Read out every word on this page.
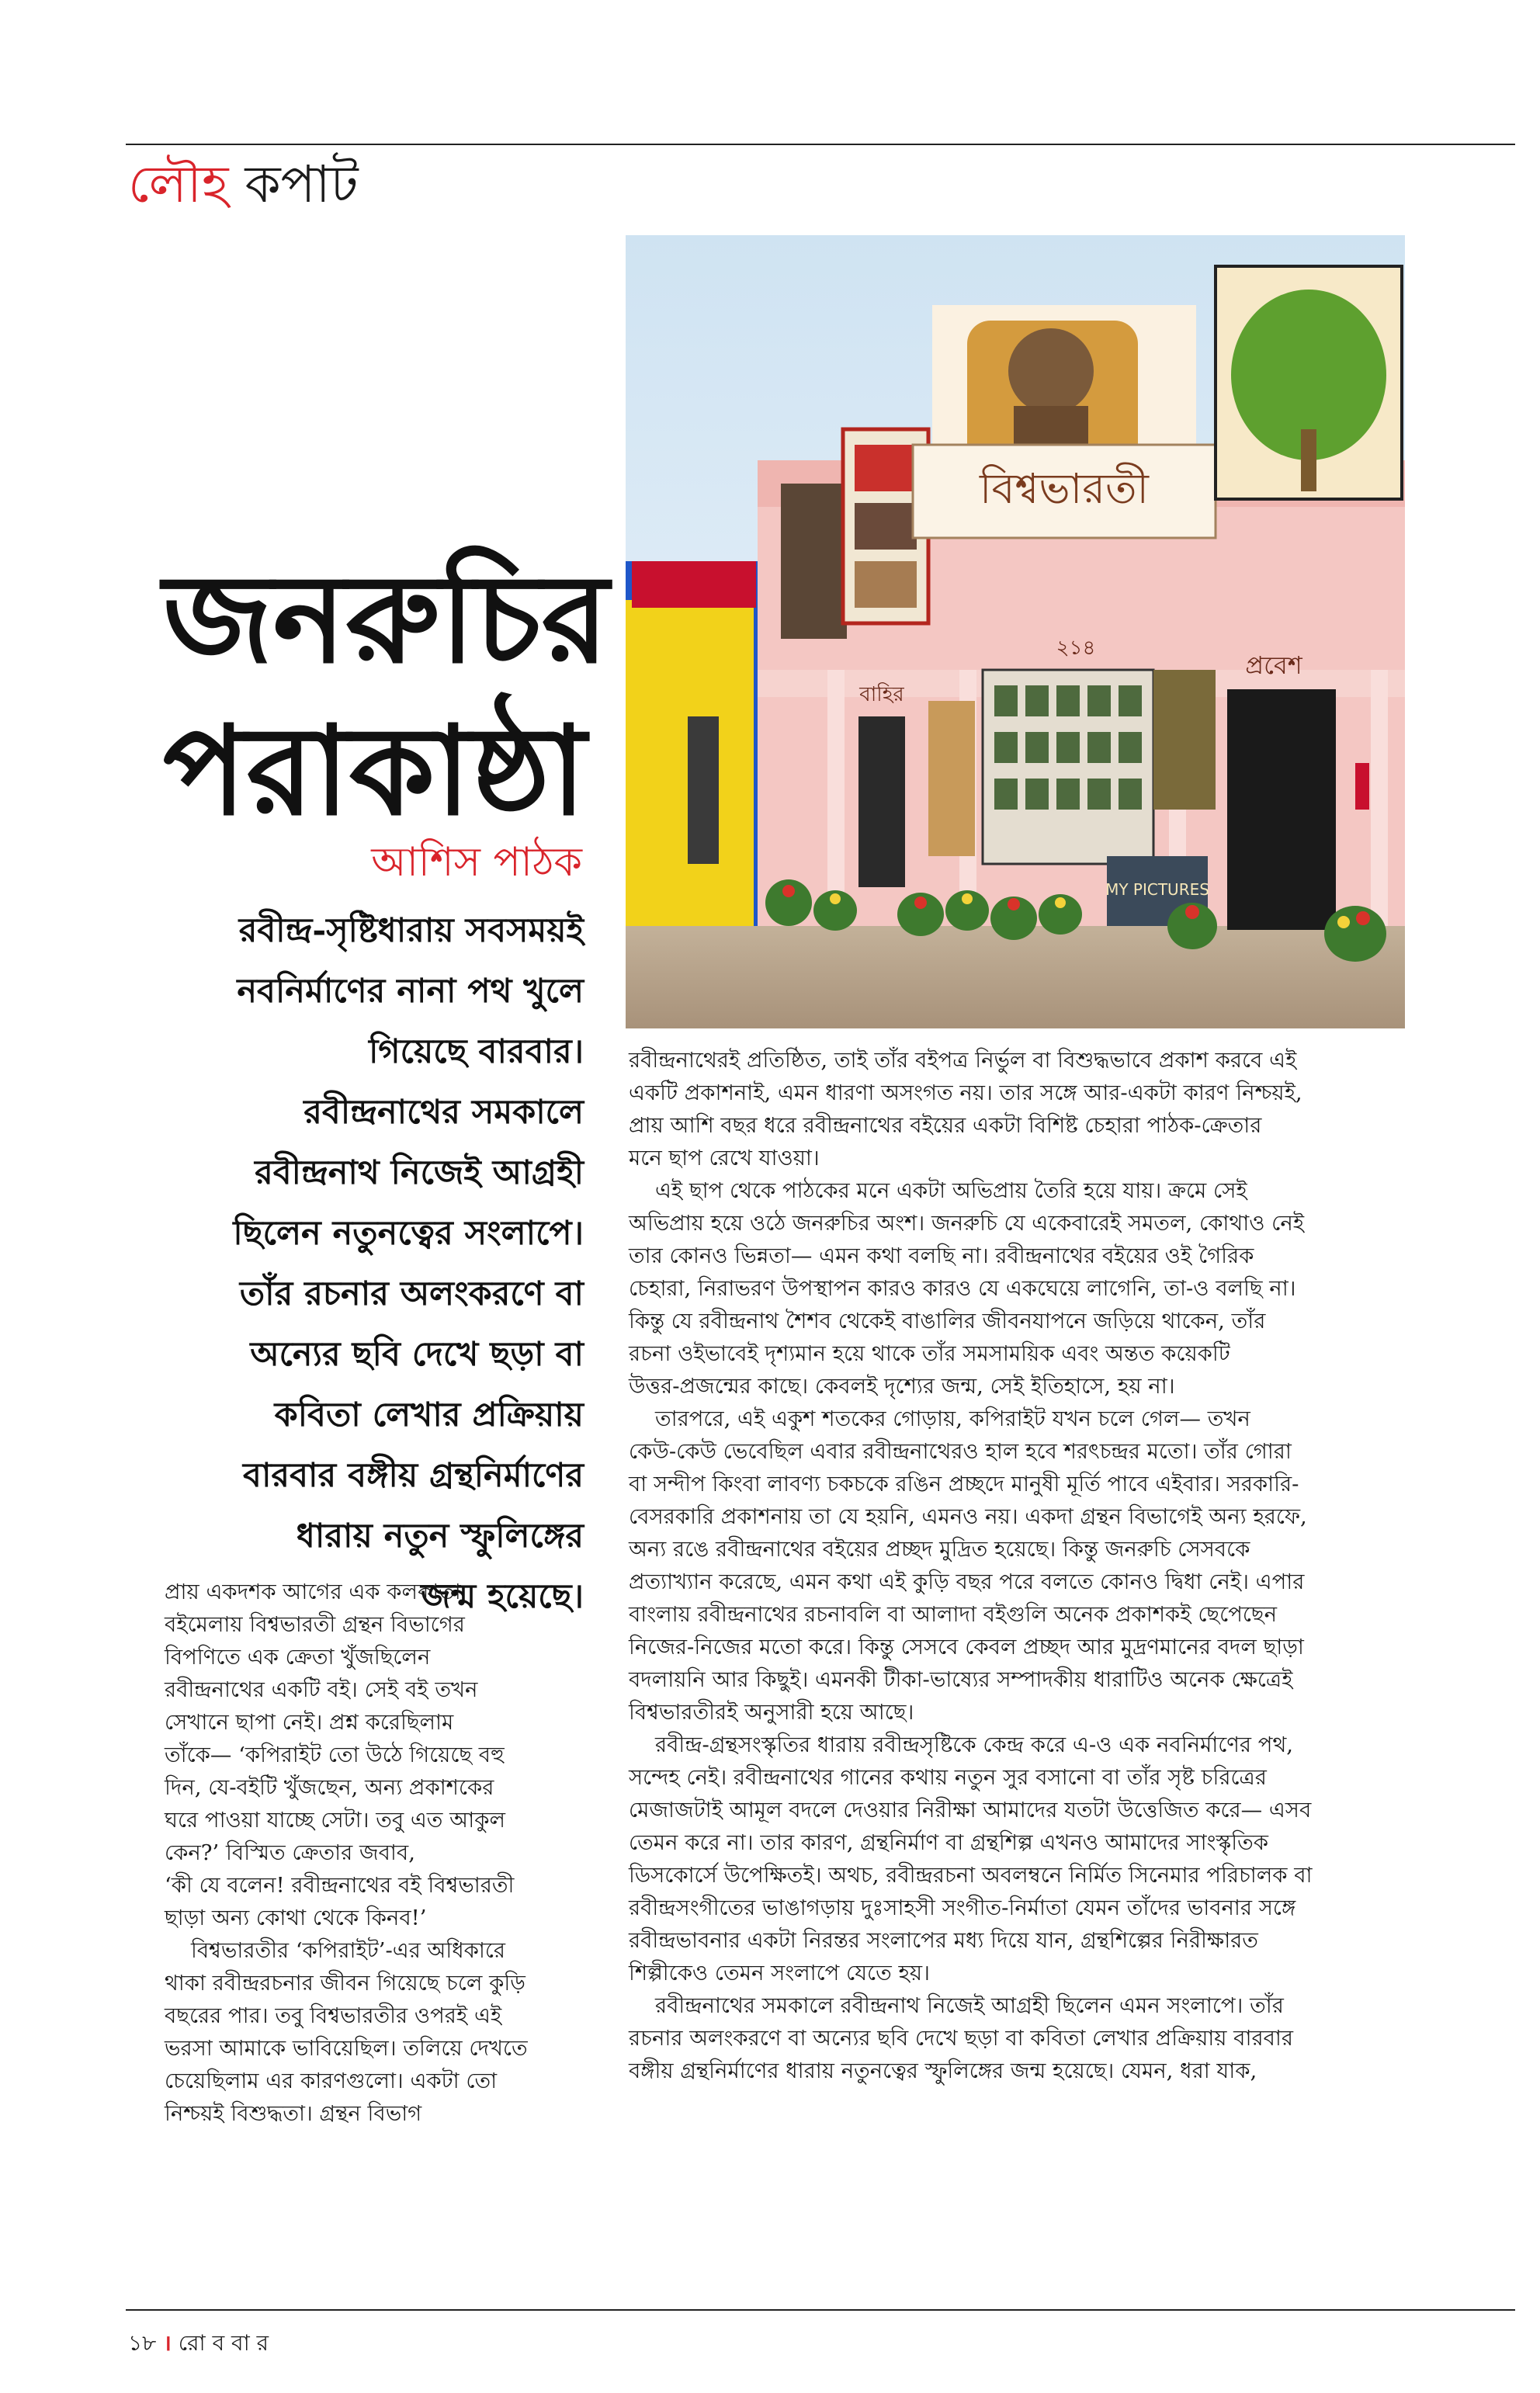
লৌহ কপাট
জনরুচির
পরাকাষ্ঠা
আশিস পাঠক
রবীন্দ্র-সৃষ্টিধারায় সবসময়ই
নবনির্মাণের নানা পথ খুলে
গিয়েছে বারবার।
রবীন্দ্রনাথের সমকালে
রবীন্দ্রনাথ নিজেই আগ্রহী
ছিলেন নতুনত্বের সংলাপে।
তাঁর রচনার অলংকরণে বা
অন্যের ছবি দেখে ছড়া বা
কবিতা লেখার প্রক্রিয়ায়
বারবার বঙ্গীয় গ্রন্থনির্মাণের
ধারায় নতুন স্ফুলিঙ্গের
জন্ম হয়েছে।
বিশ্বভারতী
২১৪
বাহির
MY PICTURES
প্রবেশ
প্রায় একদশক আগের এক কলকাতা
বইমেলায় বিশ্বভারতী গ্রন্থন বিভাগের
বিপণিতে এক ক্রেতা খুঁজছিলেন
রবীন্দ্রনাথের একটি বই। সেই বই তখন
সেখানে ছাপা নেই। প্রশ্ন করেছিলাম
তাঁকে— ‘কপিরাইট তো উঠে গিয়েছে বহু
দিন, যে-বইটি খুঁজছেন, অন্য প্রকাশকের
ঘরে পাওয়া যাচ্ছে সেটা। তবু এত আকুল
কেন?’ বিস্মিত ক্রেতার জবাব,
‘কী যে বলেন! রবীন্দ্রনাথের বই বিশ্বভারতী
ছাড়া অন্য কোথা থেকে কিনব!’
বিশ্বভারতীর ‘কপিরাইট’-এর অধিকারে
থাকা রবীন্দ্ররচনার জীবন গিয়েছে চলে কুড়ি
বছরের পার। তবু বিশ্বভারতীর ওপরই এই
ভরসা আমাকে ভাবিয়েছিল। তলিয়ে দেখতে
চেয়েছিলাম এর কারণগুলো। একটা তো
নিশ্চয়ই বিশুদ্ধতা। গ্রন্থন বিভাগ
রবীন্দ্রনাথেরই প্রতিষ্ঠিত, তাই তাঁর বইপত্র নির্ভুল বা বিশুদ্ধভাবে প্রকাশ করবে এই
একটি প্রকাশনাই, এমন ধারণা অসংগত নয়। তার সঙ্গে আর-একটা কারণ নিশ্চয়ই,
প্রায় আশি বছর ধরে রবীন্দ্রনাথের বইয়ের একটা বিশিষ্ট চেহারা পাঠক-ক্রেতার
মনে ছাপ রেখে যাওয়া।
এই ছাপ থেকে পাঠকের মনে একটা অভিপ্রায় তৈরি হয়ে যায়। ক্রমে সেই
অভিপ্রায় হয়ে ওঠে জনরুচির অংশ। জনরুচি যে একেবারেই সমতল, কোথাও নেই
তার কোনও ভিন্নতা— এমন কথা বলছি না। রবীন্দ্রনাথের বইয়ের ওই গৈরিক
চেহারা, নিরাভরণ উপস্থাপন কারও কারও যে একঘেয়ে লাগেনি, তা-ও বলছি না।
কিন্তু যে রবীন্দ্রনাথ শৈশব থেকেই বাঙালির জীবনযাপনে জড়িয়ে থাকেন, তাঁর
রচনা ওইভাবেই দৃশ্যমান হয়ে থাকে তাঁর সমসাময়িক এবং অন্তত কয়েকটি
উত্তর-প্রজন্মের কাছে। কেবলই দৃশ্যের জন্ম, সেই ইতিহাসে, হয় না।
তারপরে, এই একুশ শতকের গোড়ায়, কপিরাইট যখন চলে গেল— তখন
কেউ-কেউ ভেবেছিল এবার রবীন্দ্রনাথেরও হাল হবে শরৎচন্দ্রর মতো। তাঁর গোরা
বা সন্দীপ কিংবা লাবণ্য চকচকে রঙিন প্রচ্ছদে মানুষী মূর্তি পাবে এইবার। সরকারি-
বেসরকারি প্রকাশনায় তা যে হয়নি, এমনও নয়। একদা গ্রন্থন বিভাগেই অন্য হরফে,
অন্য রঙে রবীন্দ্রনাথের বইয়ের প্রচ্ছদ মুদ্রিত হয়েছে। কিন্তু জনরুচি সেসবকে
প্রত্যাখ্যান করেছে, এমন কথা এই কুড়ি বছর পরে বলতে কোনও দ্বিধা নেই। এপার
বাংলায় রবীন্দ্রনাথের রচনাবলি বা আলাদা বইগুলি অনেক প্রকাশকই ছেপেছেন
নিজের-নিজের মতো করে। কিন্তু সেসবে কেবল প্রচ্ছদ আর মুদ্রণমানের বদল ছাড়া
বদলায়নি আর কিছুই। এমনকী টীকা-ভাষ্যের সম্পাদকীয় ধারাটিও অনেক ক্ষেত্রেই
বিশ্বভারতীরই অনুসারী হয়ে আছে।
রবীন্দ্র-গ্রন্থসংস্কৃতির ধারায় রবীন্দ্রসৃষ্টিকে কেন্দ্র করে এ-ও এক নবনির্মাণের পথ,
সন্দেহ নেই। রবীন্দ্রনাথের গানের কথায় নতুন সুর বসানো বা তাঁর সৃষ্ট চরিত্রের
মেজাজটাই আমূল বদলে দেওয়ার নিরীক্ষা আমাদের যতটা উত্তেজিত করে— এসব
তেমন করে না। তার কারণ, গ্রন্থনির্মাণ বা গ্রন্থশিল্প এখনও আমাদের সাংস্কৃতিক
ডিসকোর্সে উপেক্ষিতই। অথচ, রবীন্দ্ররচনা অবলম্বনে নির্মিত সিনেমার পরিচালক বা
রবীন্দ্রসংগীতের ভাঙাগড়ায় দুঃসাহসী সংগীত-নির্মাতা যেমন তাঁদের ভাবনার সঙ্গে
রবীন্দ্রভাবনার একটা নিরন্তর সংলাপের মধ্য দিয়ে যান, গ্রন্থশিল্পের নিরীক্ষারত
শিল্পীকেও তেমন সংলাপে যেতে হয়।
রবীন্দ্রনাথের সমকালে রবীন্দ্রনাথ নিজেই আগ্রহী ছিলেন এমন সংলাপে। তাঁর
রচনার অলংকরণে বা অন্যের ছবি দেখে ছড়া বা কবিতা লেখার প্রক্রিয়ায় বারবার
বঙ্গীয় গ্রন্থনির্মাণের ধারায় নতুনত্বের স্ফুলিঙ্গের জন্ম হয়েছে। যেমন, ধরা যাক,
১৮ । রো ব বা র
